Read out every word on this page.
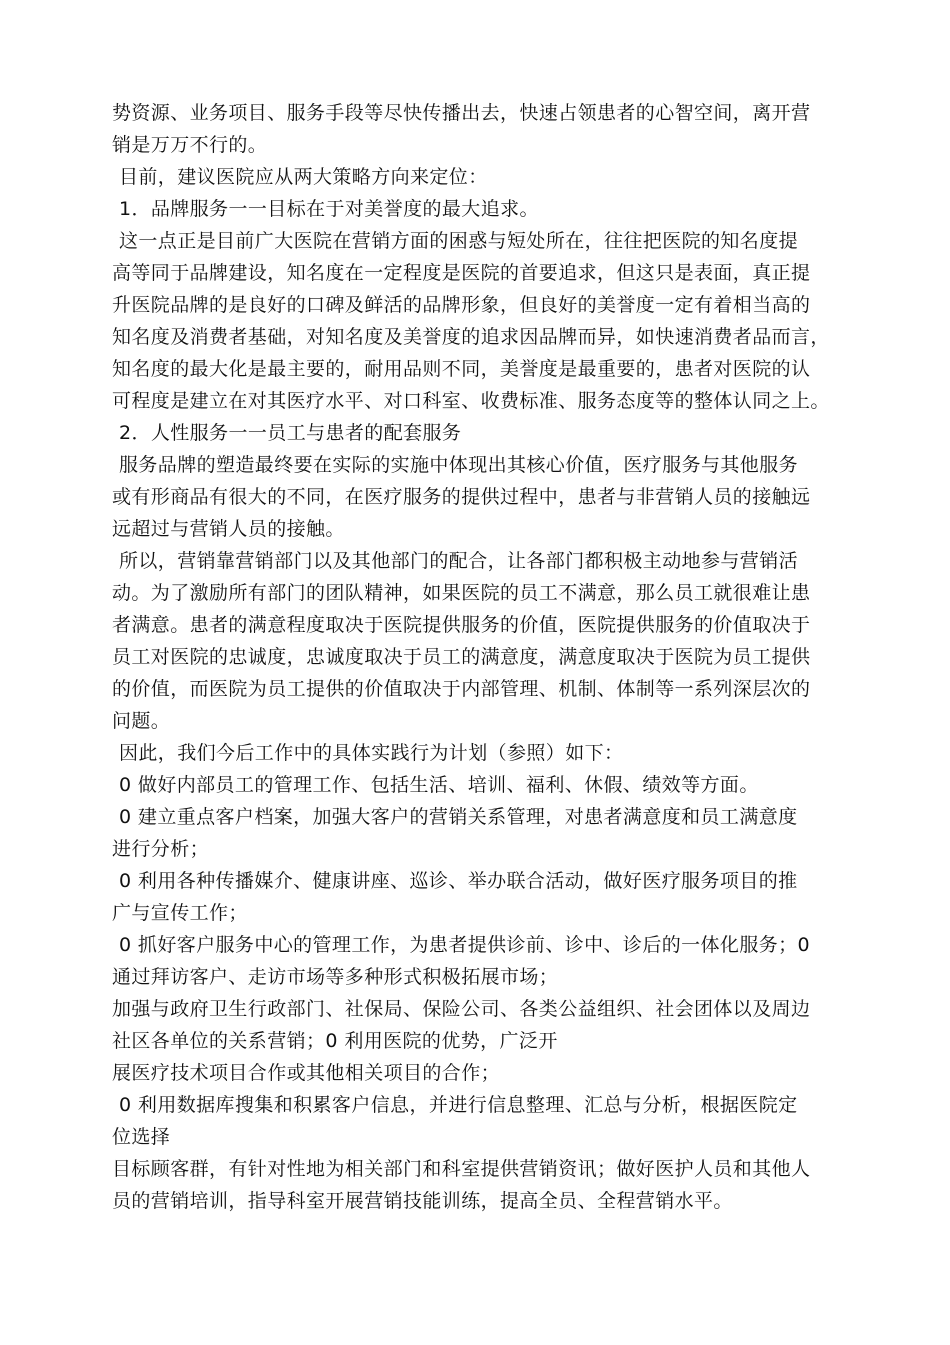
势资源、业务项目、服务手段等尽快传播出去，快速占领患者的心智空间，离开营

销是万万不行的。

目前，建议医院应从两大策略方向来定位：

1．品牌服务一一目标在于对美誉度的最大追求。

这一点正是目前广大医院在营销方面的困惑与短处所在，往往把医院的知名度提

高等同于品牌建设，知名度在一定程度是医院的首要追求，但这只是表面，真正提

升医院品牌的是良好的口碑及鲜活的品牌形象，但良好的美誉度一定有着相当高的

知名度及消费者基础，对知名度及美誉度的追求因品牌而异，如快速消费者品而言，

知名度的最大化是最主要的，耐用品则不同，美誉度是最重要的，患者对医院的认

可程度是建立在对其医疗水平、对口科室、收费标准、服务态度等的整体认同之上。

2．人性服务一一员工与患者的配套服务

服务品牌的塑造最终要在实际的实施中体现出其核心价值，医疗服务与其他服务

或有形商品有很大的不同，在医疗服务的提供过程中，患者与非营销人员的接触远

远超过与营销人员的接触。

所以，营销靠营销部门以及其他部门的配合，让各部门都积极主动地参与营销活

动。为了激励所有部门的团队精神，如果医院的员工不满意，那么员工就很难让患

者满意。患者的满意程度取决于医院提供服务的价值，医院提供服务的价值取决于

员工对医院的忠诚度，忠诚度取决于员工的满意度，满意度取决于医院为员工提供

的价值，而医院为员工提供的价值取决于内部管理、机制、体制等一系列深层次的

问题。

因此，我们今后工作中的具体实践行为计划（参照）如下：

0 做好内部员工的管理工作、包括生活、培训、福利、休假、绩效等方面。

0 建立重点客户档案，加强大客户的营销关系管理，对患者满意度和员工满意度

进行分析；

0 利用各种传播媒介、健康讲座、巡诊、举办联合活动，做好医疗服务项目的推

广与宣传工作；

0 抓好客户服务中心的管理工作，为患者提供诊前、诊中、诊后的一体化服务；0

通过拜访客户、走访市场等多种形式积极拓展市场；

加强与政府卫生行政部门、社保局、保险公司、各类公益组织、社会团体以及周边

社区各单位的关系营销；0 利用医院的优势，广泛开

展医疗技术项目合作或其他相关项目的合作；

0 利用数据库搜集和积累客户信息，并进行信息整理、汇总与分析，根据医院定

位选择

目标顾客群，有针对性地为相关部门和科室提供营销资讯；做好医护人员和其他人

员的营销培训，指导科室开展营销技能训练，提高全员、全程营销水平。
